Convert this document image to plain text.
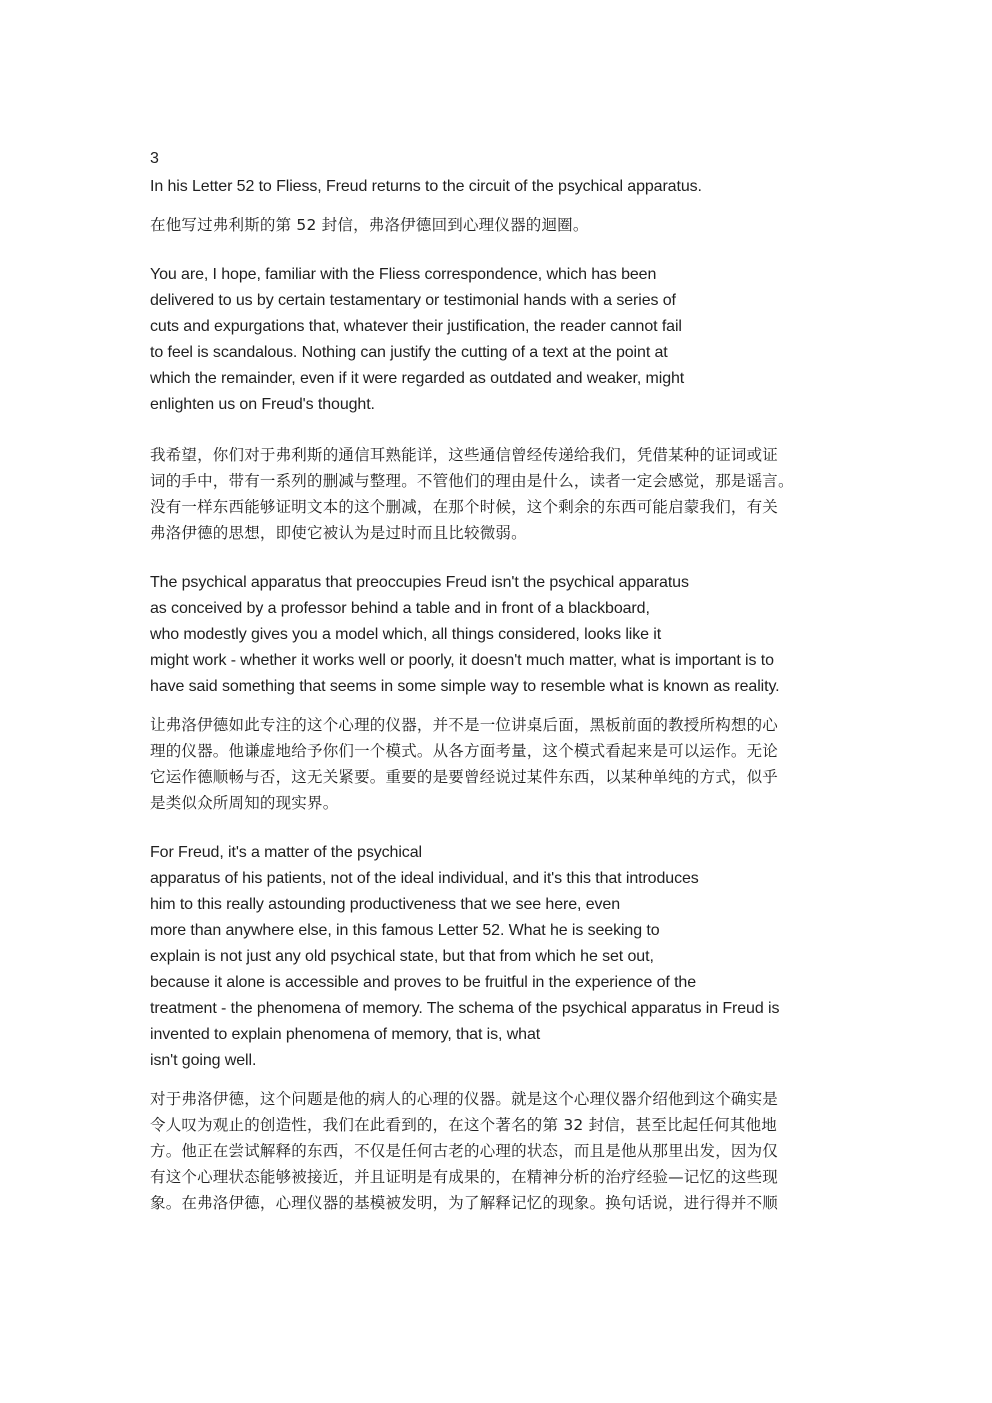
3
In his Letter 52 to Fliess, Freud returns to the circuit of the psychical apparatus.
在他写过弗利斯的第 52 封信，弗洛伊德回到心理仪器的迴圈。
You are, I hope, familiar with the Fliess correspondence, which has been
delivered to us by certain testamentary or testimonial hands with a series of
cuts and expurgations that, whatever their justification, the reader cannot fail
to feel is scandalous. Nothing can justify the cutting of a text at the point at
which the remainder, even if it were regarded as outdated and weaker, might
enlighten us on Freud's thought.
我希望，你们对于弗利斯的通信耳熟能详，这些通信曾经传递给我们，凭借某种的证词或证
词的手中，带有一系列的删减与整理。不管他们的理由是什么，读者一定会感觉，那是谣言。
没有一样东西能够证明文本的这个删减，在那个时候，这个剩余的东西可能启蒙我们，有关
弗洛伊德的思想，即使它被认为是过时而且比较微弱。
The psychical apparatus that preoccupies Freud isn't the psychical apparatus
as conceived by a professor behind a table and in front of a blackboard,
who modestly gives you a model which, all things considered, looks like it
might work - whether it works well or poorly, it doesn't much matter, what is important is to
have said something that seems in some simple way to resemble what is known as reality.
让弗洛伊德如此专注的这个心理的仪器，并不是一位讲桌后面，黑板前面的教授所构想的心
理的仪器。他谦虚地给予你们一个模式。从各方面考量，这个模式看起来是可以运作。无论
它运作德顺畅与否，这无关紧要。重要的是要曾经说过某件东西，以某种单纯的方式，似乎
是类似众所周知的现实界。
For Freud, it's a matter of the psychical
apparatus of his patients, not of the ideal individual, and it's this that introduces
him to this really astounding productiveness that we see here, even
more than anywhere else, in this famous Letter 52. What he is seeking to
explain is not just any old psychical state, but that from which he set out,
because it alone is accessible and proves to be fruitful in the experience of the
treatment - the phenomena of memory. The schema of the psychical apparatus in Freud is
invented to explain phenomena of memory, that is, what
isn't going well.
对于弗洛伊德，这个问题是他的病人的心理的仪器。就是这个心理仪器介绍他到这个确实是
令人叹为观止的创造性，我们在此看到的，在这个著名的第 32 封信，甚至比起任何其他地
方。他正在尝试解释的东西，不仅是任何古老的心理的状态，而且是他从那里出发，因为仅
有这个心理状态能够被接近，并且证明是有成果的，在精神分析的治疗经验—记忆的这些现
象。在弗洛伊德，心理仪器的基模被发明，为了解释记忆的现象。换句话说，进行得并不顺
